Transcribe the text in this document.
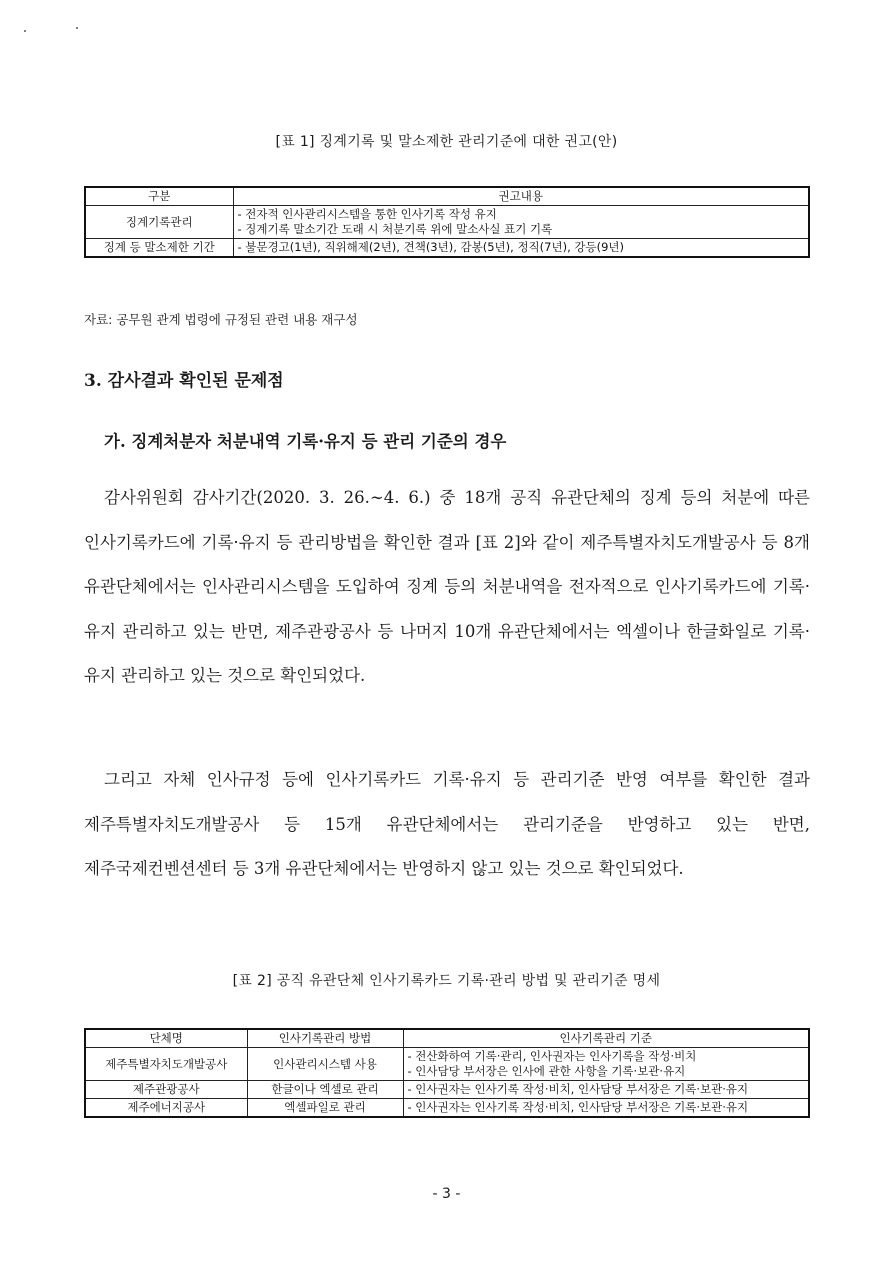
[표 1] 징계기록 및 말소제한 관리기준에 대한 권고(안)
구분	권고내용
징계기록관리	- 전자적 인사관리시스템을 통한 인사기록 작성 유지
- 징계기록 말소기간 도래 시 처분기록 위에 말소사실 표기 기록

징계 등 말소제한 기간	- 불문경고(1년), 직위해제(2년), 견책(3년), 감봉(5년), 정직(7년), 강등(9년)
자료: 공무원 관계 법령에 규정된 관련 내용 재구성
3. 감사결과 확인된 문제점
가. 징계처분자 처분내역 기록·유지 등 관리 기준의 경우

감사위원회 감사기간(2020. 3. 26.∼4. 6.) 중 18개 공직 유관단체의 징계 등의 처분에 따른 인사기록카드에 기록·유지 등 관리방법을 확인한 결과 [표 2]와 같이 제주특별자치도개발공사 등 8개 유관단체에서는 인사관리시스템을 도입하여 징계 등의 처분내역을 전자적으로 인사기록카드에 기록·유지 관리하고 있는 반면, 제주관광공사 등 나머지 10개 유관단체에서는 엑셀이나 한글화일로 기록·유지 관리하고 있는 것으로 확인되었다.

그리고 자체 인사규정 등에 인사기록카드 기록·유지 등 관리기준 반영 여부를 확인한 결과 제주특별자치도개발공사 등 15개 유관단체에서는 관리기준을 반영하고 있는 반면, 제주국제컨벤션센터 등 3개 유관단체에서는 반영하지 않고 있는 것으로 확인되었다.

[표 2] 공직 유관단체 인사기록카드 기록·관리 방법 및 관리기준 명세
단체명	인사기록관리 방법	인사기록관리 기준
제주특별자치도개발공사	인사관리시스템 사용	- 전산화하여 기록·관리, 인사권자는 인사기록을 작성·비치
- 인사담당 부서장은 인사에 관한 사항을 기록·보관·유지

제주관광공사	한글이나 엑셀로 관리	- 인사권자는 인사기록 작성·비치, 인사담당 부서장은 기록·보관·유지

제주에너지공사	엑셀파일로 관리	- 인사권자는 인사기록 작성·비치, 인사담당 부서장은 기록·보관·유지
- 3 -
